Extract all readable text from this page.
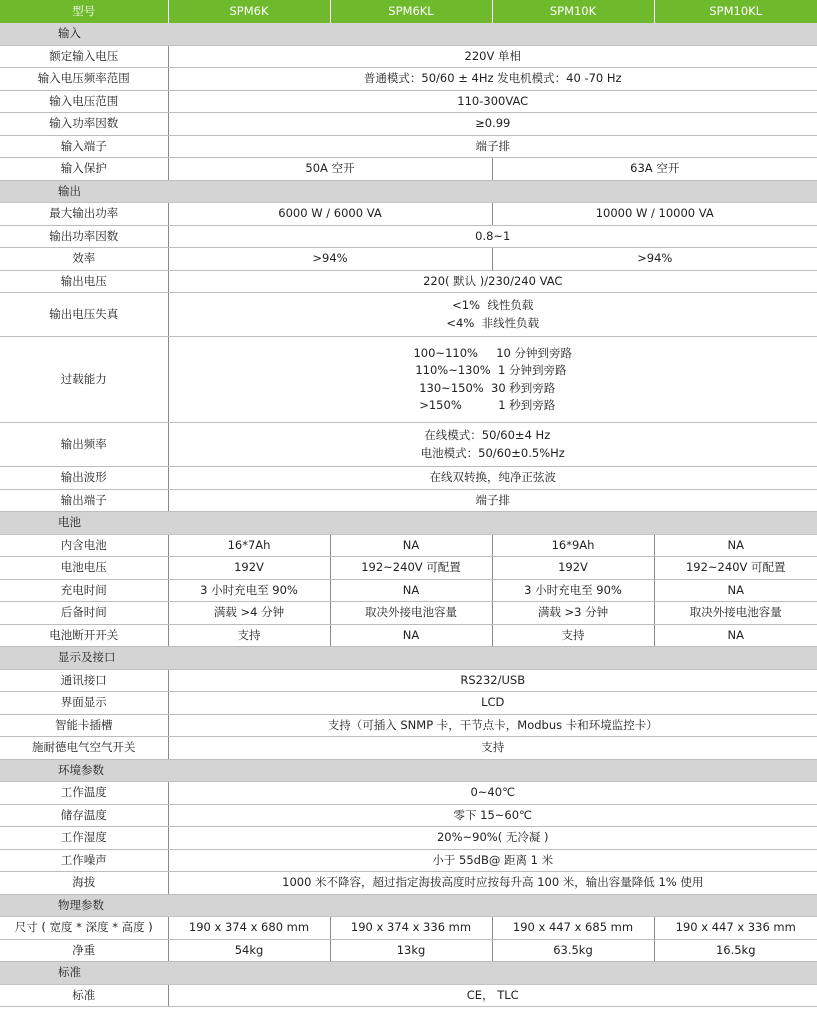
型号	SPM6K	SPM6KL	SPM10K	SPM10KL
输入				
额定输入电压	220V 单相			
输入电压频率范围	普通模式：50/60 ± 4Hz 发电机模式：40 -70 Hz			
输入电压范围	110-300VAC			
输入功率因数	≥0.99			
输入端子	端子排			
输入保护	50A 空开		63A 空开	
输出				
最大输出功率	6000 W / 6000 VA		10000 W / 10000 VA	
输出功率因数	0.8~1			
效率	>94%		>94%	
输出电压	220( 默认 )/230/240 VAC			
输出电压失真	<1%  线性负载
<4%  非线性负载			

过载能力	100~110%     10 分钟到旁路
110%~130%  1 分钟到旁路
130~150%  30 秒到旁路
>150%          1 秒到旁路			

输出频率	在线模式：50/60±4 Hz
电池模式：50/60±0.5%Hz			

输出波形	在线双转换，纯净正弦波			
输出端子	端子排			
电池				
内含电池	16*7Ah	NA	16*9Ah	NA
电池电压	192V	192~240V 可配置	192V	192~240V 可配置
充电时间	3 小时充电至 90%	NA	3 小时充电至 90%	NA
后备时间	满载 >4 分钟	取决外接电池容量	满载 >3 分钟	取决外接电池容量
电池断开开关	支持	NA	支持	NA
显示及接口				
通讯接口	RS232/USB			
界面显示	LCD			
智能卡插槽	支持（可插入 SNMP 卡，干节点卡，Modbus 卡和环境监控卡）			
施耐德电气空气开关	支持			
环境参数				
工作温度	0~40℃			
储存温度	零下 15~60℃			
工作湿度	20%~90%( 无冷凝 )			
工作噪声	小于 55dB@ 距离 1 米			
海拔	1000 米不降容，超过指定海拔高度时应按每升高 100 米，输出容量降低 1% 使用			
物理参数				
尺寸 ( 宽度 * 深度 * 高度 )	190 x 374 x 680 mm	190 x 374 x 336 mm	190 x 447 x 685 mm	190 x 447 x 336 mm
净重	54kg	13kg	63.5kg	16.5kg
标准				
标准	CE， TLC			
